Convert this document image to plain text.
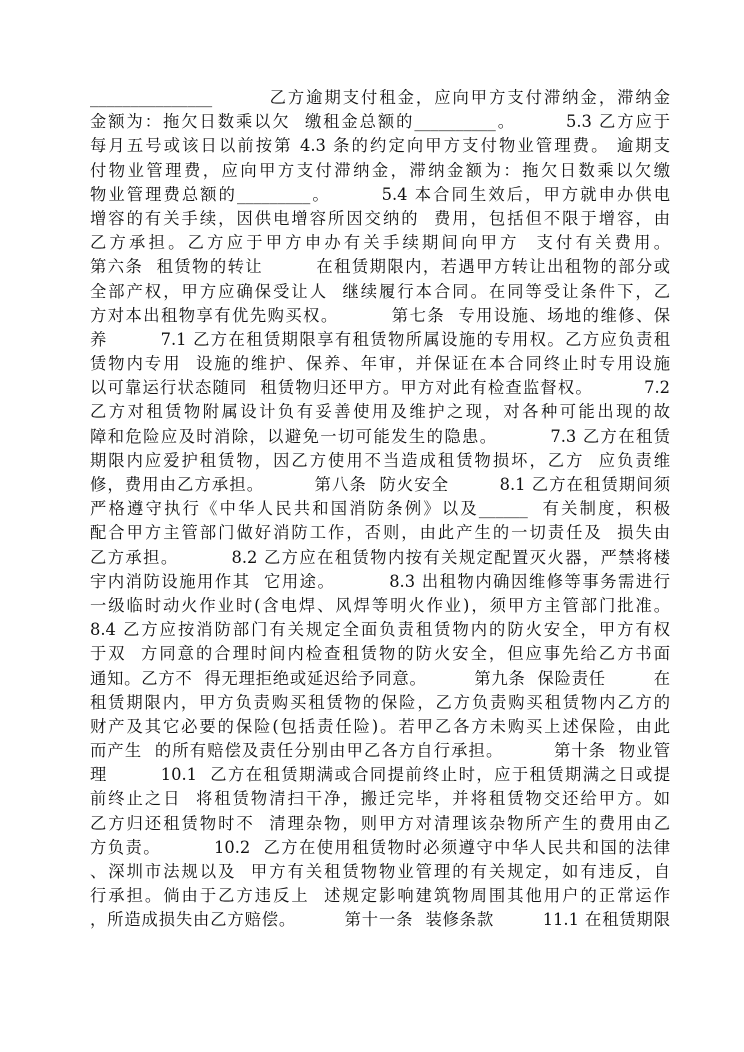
_______________        乙方逾期支付租金，应向甲方支付滞纳金，滞纳金
金额为：拖欠日数乘以欠  缴租金总额的__________。       5.3 乙方应于
每月五号或该日以前按第 4.3 条的约定向甲方支付物业管理费。 逾期支
付物业管理费，应向甲方支付滞纳金，滞纳金额为：拖欠日数乘以欠缴
物业管理费总额的_________。       5.4 本合同生效后，甲方就申办供电
增容的有关手续，因供电增容所因交纳的  费用，包括但不限于增容，由
乙方承担。乙方应于甲方申办有关手续期间向甲方  支付有关费用。
第六条  租赁物的转让        在租赁期限内，若遇甲方转让出租物的部分或
全部产权，甲方应确保受让人  继续履行本合同。在同等受让条件下，乙
方对本出租物享有优先购买权。        第七条  专用设施、场地的维修、保
养        7.1 乙方在租赁期限享有租赁物所属设施的专用权。乙方应负责租
赁物内专用  设施的维护、保养、年审，并保证在本合同终止时专用设施
以可靠运行状态随同  租赁物归还甲方。甲方对此有检查监督权。        7.2
乙方对租赁物附属设计负有妥善使用及维护之现，对各种可能出现的故
障和危险应及时消除，以避免一切可能发生的隐患。        7.3 乙方在租赁
期限内应爱护租赁物，因乙方使用不当造成租赁物损坏，乙方  应负责维
修，费用由乙方承担。        第八条  防火安全        8.1 乙方在租赁期间须
严格遵守执行《中华人民共和国消防条例》以及______  有关制度，积极
配合甲方主管部门做好消防工作，否则，由此产生的一切责任及  损失由
乙方承担。        8.2 乙方应在租赁物内按有关规定配置灭火器，严禁将楼
宇内消防设施用作其  它用途。        8.3 出租物内确因维修等事务需进行
一级临时动火作业时(含电焊、风焊等明火作业)，须甲方主管部门批准。
8.4 乙方应按消防部门有关规定全面负责租赁物内的防火安全，甲方有权
于双  方同意的合理时间内检查租赁物的防火安全，但应事先给乙方书面
通知。乙方不  得无理拒绝或延迟给予同意。        第九条  保险责任        在
租赁期限内，甲方负责购买租赁物的保险，乙方负责购买租赁物内乙方的
财产及其它必要的保险(包括责任险)。若甲乙各方未购买上述保险，由此
而产生  的所有赔偿及责任分别由甲乙各方自行承担。        第十条  物业管
理        10.1  乙方在租赁期满或合同提前终止时，应于租赁期满之日或提
前终止之日  将租赁物清扫干净，搬迁完毕，并将租赁物交还给甲方。如
乙方归还租赁物时不  清理杂物，则甲方对清理该杂物所产生的费用由乙
方负责。        10.2  乙方在使用租赁物时必须遵守中华人民共和国的法律
、深圳市法规以及  甲方有关租赁物物业管理的有关规定，如有违反，自
行承担。倘由于乙方违反上  述规定影响建筑物周围其他用户的正常运作
，所造成损失由乙方赔偿。        第十一条  装修条款        11.1 在租赁期限
